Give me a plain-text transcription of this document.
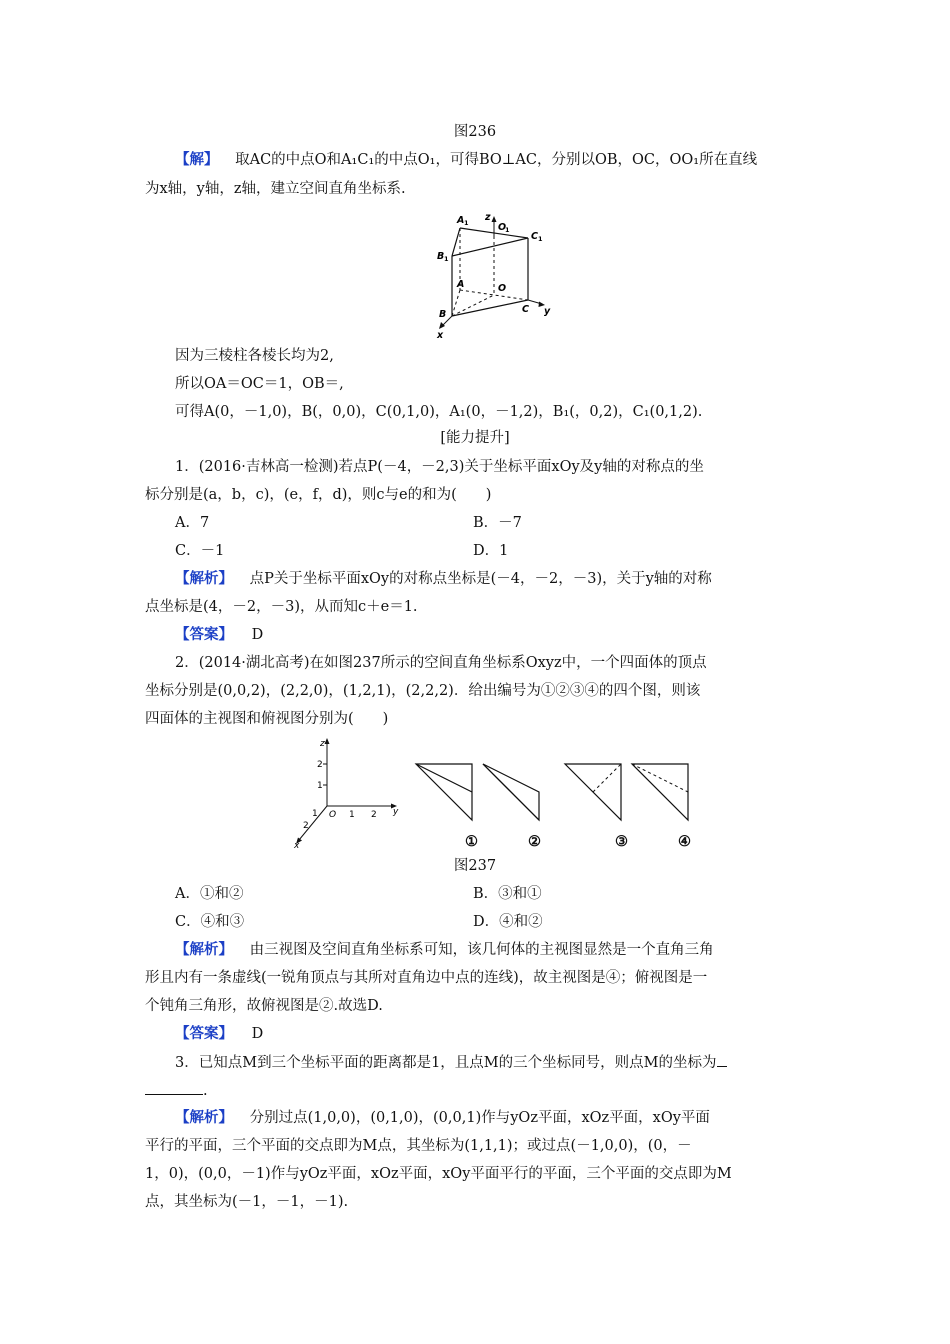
图236
【解】 取AC的中点O和A₁C₁的中点O₁，可得BO⊥AC，分别以OB，OC，OO₁所在直线
为x轴，y轴，z轴，建立空间直角坐标系.
A 1 z
O
1
C 1
B 1
A	O
B	C y
x
因为三棱柱各棱长均为2,
所以OA＝OC＝1，OB＝,
可得A(0，－1,0)，B(，0,0)，C(0,1,0)，A₁(0，－1,2)，B₁(，0,2)，C₁(0,1,2).
[能力提升]
1．(2016·吉林高一检测)若点P(－4，－2,3)关于坐标平面xOy及y轴的对称点的坐
标分别是(a，b，c)，(e，f，d)，则c与e的和为(　　)
A．7	B．－7
C．－1	D．1
【解析】 点P关于坐标平面xOy的对称点坐标是(－4，－2，－3)，关于y轴的对称
点坐标是(4，－2，－3)，从而知c＋e＝1.
【答案】 D
2．(2014·湖北高考)在如图237所示的空间直角坐标系Oxyz中，一个四面体的顶点
坐标分别是(0,0,2)，(2,2,0)，(1,2,1)，(2,2,2)．给出编号为①②③④的四个图，则该
四面体的主视图和俯视图分别为(　　)
z
2
1
O 1 2 y
1
2
x	①	②	③	④
图237
A．①和②	B．③和①
C．④和③	D．④和②
【解析】 由三视图及空间直角坐标系可知，该几何体的主视图显然是一个直角三角
形且内有一条虚线(一锐角顶点与其所对直角边中点的连线)，故主视图是④；俯视图是一
个钝角三角形，故俯视图是②.故选D.
【答案】 D
3．已知点M到三个坐标平面的距离都是1，且点M的三个坐标同号，则点M的坐标为
.
【解析】 分别过点(1,0,0)，(0,1,0)，(0,0,1)作与yOz平面，xOz平面，xOy平面
平行的平面，三个平面的交点即为M点，其坐标为(1,1,1)；或过点(－1,0,0)，(0，－
1，0)，(0,0，－1)作与yOz平面，xOz平面，xOy平面平行的平面，三个平面的交点即为M
点，其坐标为(－1，－1，－1).
